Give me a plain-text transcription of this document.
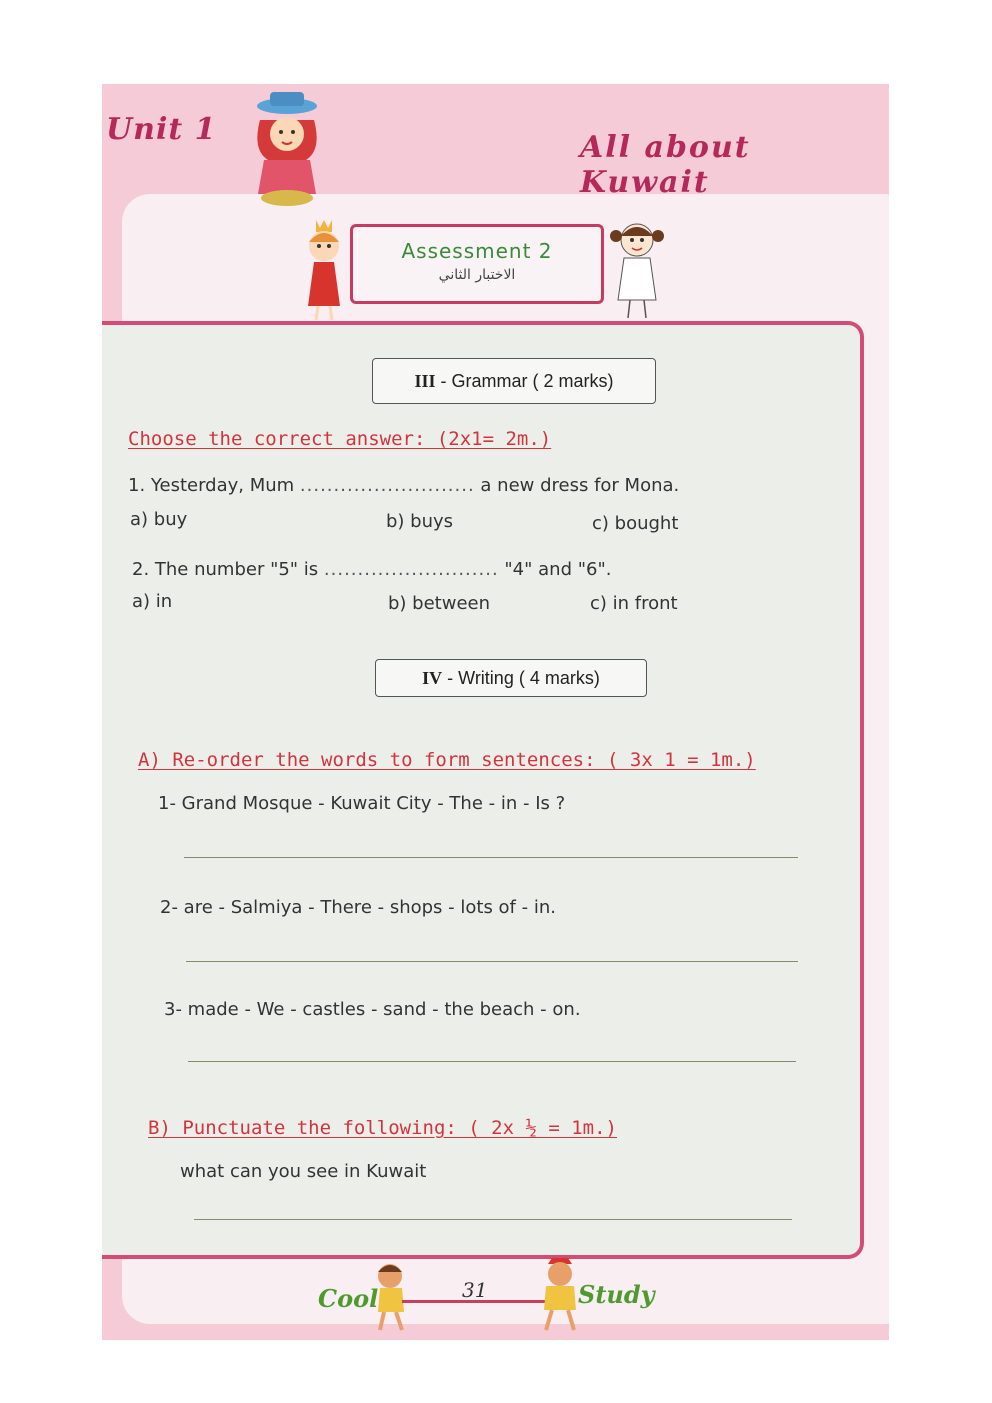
Unit 1
All about Kuwait
Assessment 2
الاختبار الثاني
III - Grammar ( 2 marks)
Choose the correct answer: (2x1= 2m.)
1. Yesterday, Mum .......................... a new dress for Mona.
a) buy	b) buys	c) bought
2. The number "5" is .......................... "4" and "6".
a) in	b) between	c) in front
IV - Writing ( 4 marks)
A) Re-order the words to form sentences: ( 3x 1 = 1m.)
1- Grand Mosque - Kuwait City - The - in - Is ?
2- are - Salmiya - There - shops - lots of - in.
3- made - We - castles - sand - the beach - on.
B) Punctuate the following: ( 2x ½ = 1m.)
what can you see in Kuwait
Cool	31	Study
